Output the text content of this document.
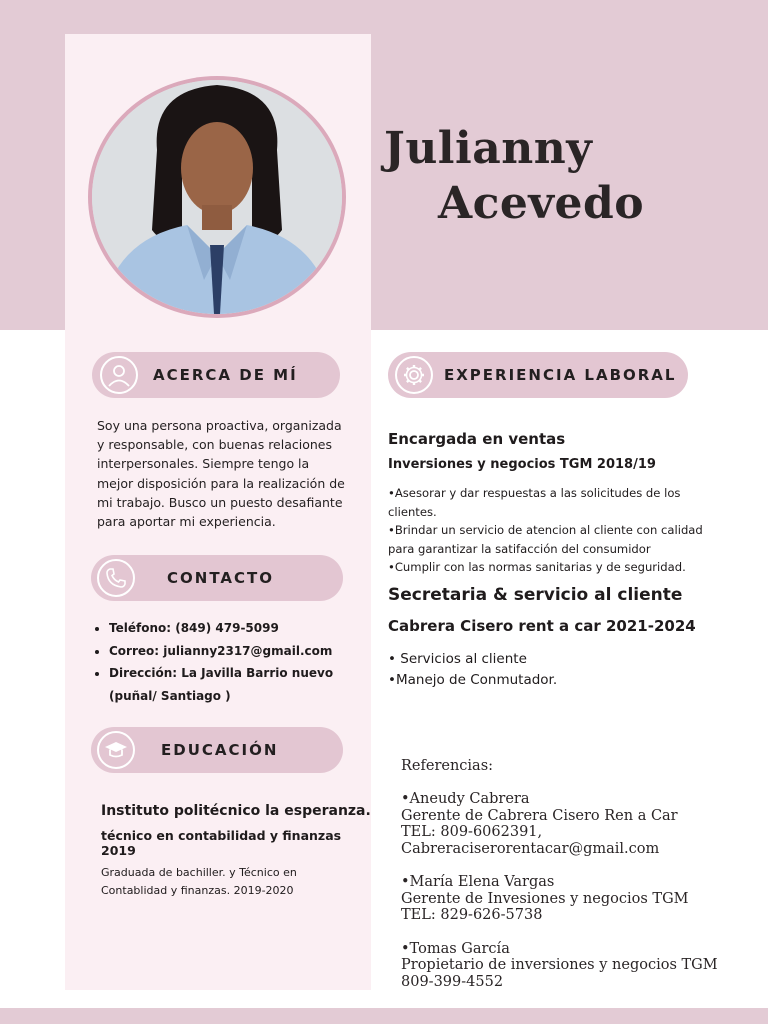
Julianny
Acevedo
ACERCA DE MÍ
Soy una persona proactiva, organizada y responsable, con buenas relaciones interpersonales. Siempre tengo la mejor disposición para la realización de mi trabajo. Busco un puesto desafiante para aportar mi experiencia.
CONTACTO
• Teléfono: (849) 479-5099
• Correo: julianny2317@gmail.com
• Dirección: La Javilla Barrio nuevo
(puñal/ Santiago )
EDUCACIÓN
Instituto politécnico la esperanza.
técnico en contabilidad y finanzas 2019
Graduada de bachiller. y Técnico en Contablidad y finanzas. 2019-2020
EXPERIENCIA LABORAL
Encargada en ventas
Inversiones y negocios TGM 2018/19
•Asesorar y dar respuestas a las solicitudes de los clientes.
•Brindar un servicio de atencion al cliente con calidad para garantizar la satifacción del consumidor
•Cumplir con las normas sanitarias y de seguridad.
Secretaria & servicio al cliente
Cabrera Cisero rent a car 2021-2024
• Servicios al cliente
•Manejo de Conmutador.
Referencias:
•Aneudy Cabrera
Gerente de Cabrera Cisero Ren a Car
TEL: 809-6062391,
Cabreraciserorentacar@gmail.com
•María Elena Vargas
Gerente de Invesiones y negocios TGM
TEL: 829-626-5738
•Tomas García
Propietario de inversiones y negocios TGM
809-399-4552
